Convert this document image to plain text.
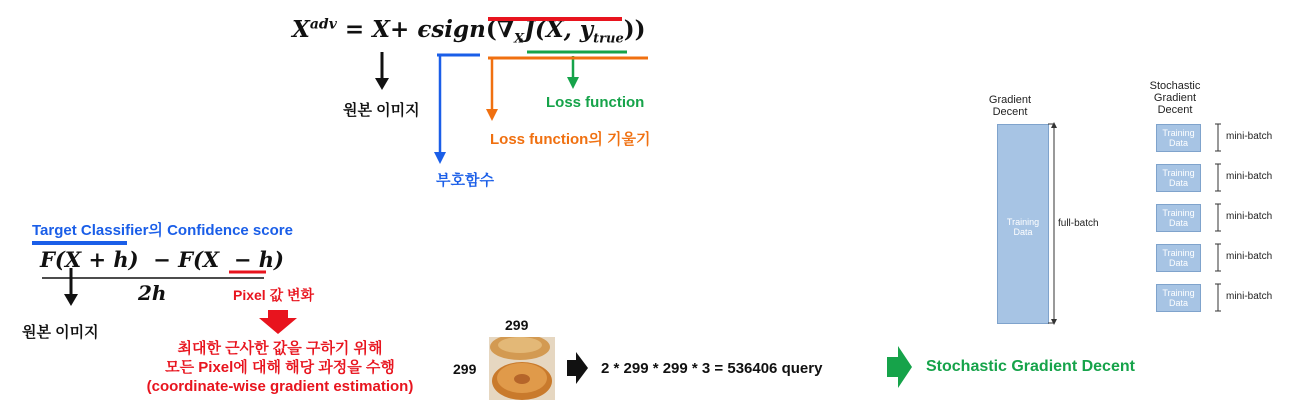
$X^{adv} = X+$ $\epsilon sign(\nabla_XJ(X$, $y_{true}$))
원본 이미지	Loss function
Loss function의 기울기
부호함수
Target Classifier의 Confidence score
F(X + h)  − F(X  − h)
2h	Pixel 값 변화
원본 이미지
최대한 근사한 값을 구하기 위해
모든 Pixel에 대해 해당 과정을 수행
(coordinate-wise gradient estimation)
299
299	2 * 299 * 299 * 3 = 536406 query	Stochastic Gradient Decent
Gradient
Decent
Training
Data
full-batch
Stochastic
Gradient
Decent
Training
Data
mini-batch
Training
Data
mini-batch
Training
Data
mini-batch
Training
Data
mini-batch
Training
Data
mini-batch
